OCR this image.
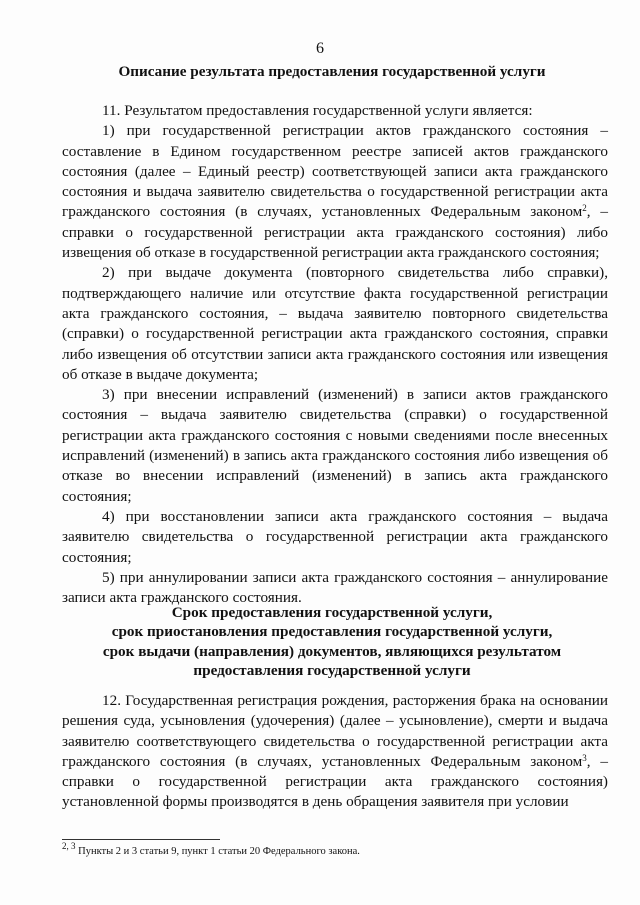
6
Описание результата предоставления государственной услуги

11. Результатом предоставления государственной услуги является:

1) при государственной регистрации актов гражданского состояния – составление в Едином государственном реестре записей актов гражданского состояния (далее – Единый реестр) соответствующей записи акта гражданского состояния и выдача заявителю свидетельства о государственной регистрации акта гражданского состояния (в случаях, установленных Федеральным законом$^2$, – справки о государственной регистрации акта гражданского состояния) либо извещения об отказе в государственной регистрации акта гражданского состояния;

2) при выдаче документа (повторного свидетельства либо справки), подтверждающего наличие или отсутствие факта государственной регистрации акта гражданского состояния, – выдача заявителю повторного свидетельства (справки) о государственной регистрации акта гражданского состояния, справки либо извещения об отсутствии записи акта гражданского состояния или извещения об отказе в выдаче документа;

3) при внесении исправлений (изменений) в записи актов гражданского состояния – выдача заявителю свидетельства (справки) о государственной регистрации акта гражданского состояния с новыми сведениями после внесенных исправлений (изменений) в запись акта гражданского состояния либо извещения об отказе во внесении исправлений (изменений) в запись акта гражданского состояния;

4) при восстановлении записи акта гражданского состояния – выдача заявителю свидетельства о государственной регистрации акта гражданского состояния;

5) при аннулировании записи акта гражданского состояния – аннулирование записи акта гражданского состояния.

Срок предоставления государственной услуги,
срок приостановления предоставления государственной услуги,
срок выдачи (направления) документов, являющихся результатом
предоставления государственной услуги

12. Государственная регистрация рождения, расторжения брака на основании решения суда, усыновления (удочерения) (далее – усыновление), смерти и выдача заявителю соответствующего свидетельства о государственной регистрации акта гражданского состояния (в случаях, установленных Федеральным законом$^3$, – справки о государственной регистрации акта гражданского состояния) установленной формы производятся в день обращения заявителя при условии

$^{2, 3}$ Пункты 2 и 3 статьи 9, пункт 1 статьи 20 Федерального закона.
